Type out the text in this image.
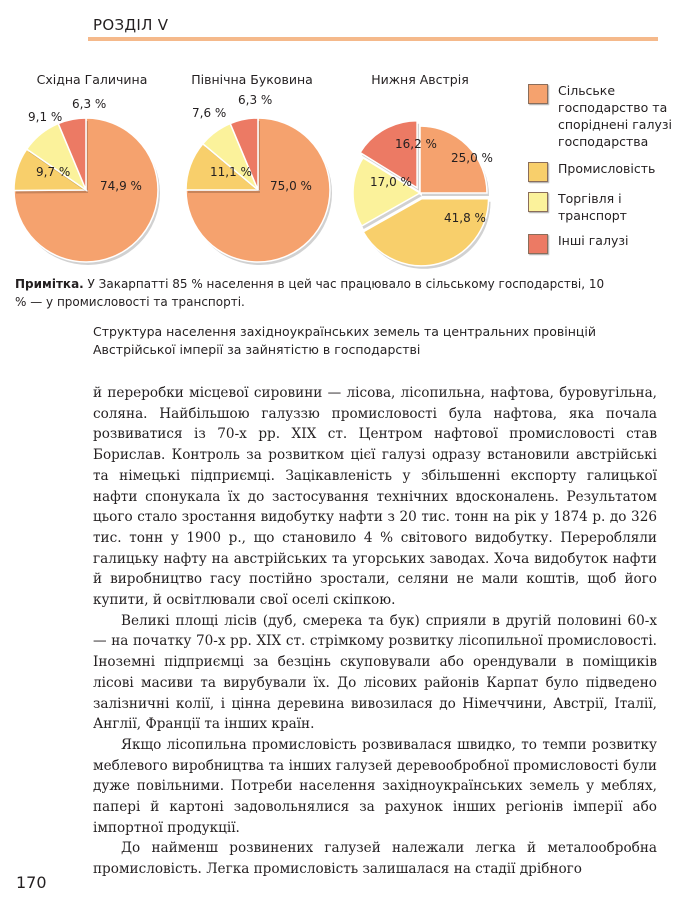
РОЗДІЛ V
Східна Галичина	Північна Буковина	Нижня Австрія
74,9 %
9,7 %
9,1 %
6,3 %
75,0 %
11,1 %
7,6 %
6,3 %
25,0 %
41,8 %
17,0 %
16,2 %
Сільське господарство та споріднені галузі господарства
Промисловість
Торгівля і транспорт
Інші галузі
Примітка. У Закарпатті 85 % населення в цей час працювало в сільському господарстві, 10 % — у промисловості та транспорті.
Структура населення західноукраїнських земель та центральних провінцій Австрійської імперії за зайнятістю в господарстві

й переробки місцевої сировини — лісова, лісопильна, нафтова, буровугільна, соляна. Найбільшою галуззю промисловості була нафтова, яка почала розвиватися із 70-х рр. XIX ст. Центром нафтової промисловості став Борислав. Контроль за розвитком цієї галузі одразу встановили австрійські та німецькі підприємці. Зацікавленість у збільшенні експорту галицької нафти спонукала їх до застосування технічних вдосконалень. Результатом цього стало зростання видобутку нафти з 20 тис. тонн на рік у 1874 р. до 326 тис. тонн у 1900 р., що становило 4 % світового видобутку. Переробляли галицьку нафту на австрійських та угорських заводах. Хоча видобуток нафти й виробництво гасу постійно зростали, селяни не мали коштів, щоб його купити, й освітлювали свої оселі скіпкою.

Великі площі лісів (дуб, смерека та бук) сприяли в другій половині 60-х — на початку 70-х рр. XIX ст. стрімкому розвитку лісопильної промисловості. Іноземні підприємці за безцінь скуповували або орендували в поміщиків лісові масиви та вирубували їх. До лісових районів Карпат було підведено залізничні колії, і цінна деревина вивозилася до Німеччини, Австрії, Італії, Англії, Франції та інших країн.

Якщо лісопильна промисловість розвивалася швидко, то темпи розвитку меблевого виробництва та інших галузей деревообробної промисловості були дуже повільними. Потреби населення західноукраїнських земель у меблях, папері й картоні задовольнялися за рахунок інших регіонів імперії або імпортної продукції.

До найменш розвинених галузей належали легка й металообробна промисловість. Легка промисловість залишалася на стадії дрібного

170
